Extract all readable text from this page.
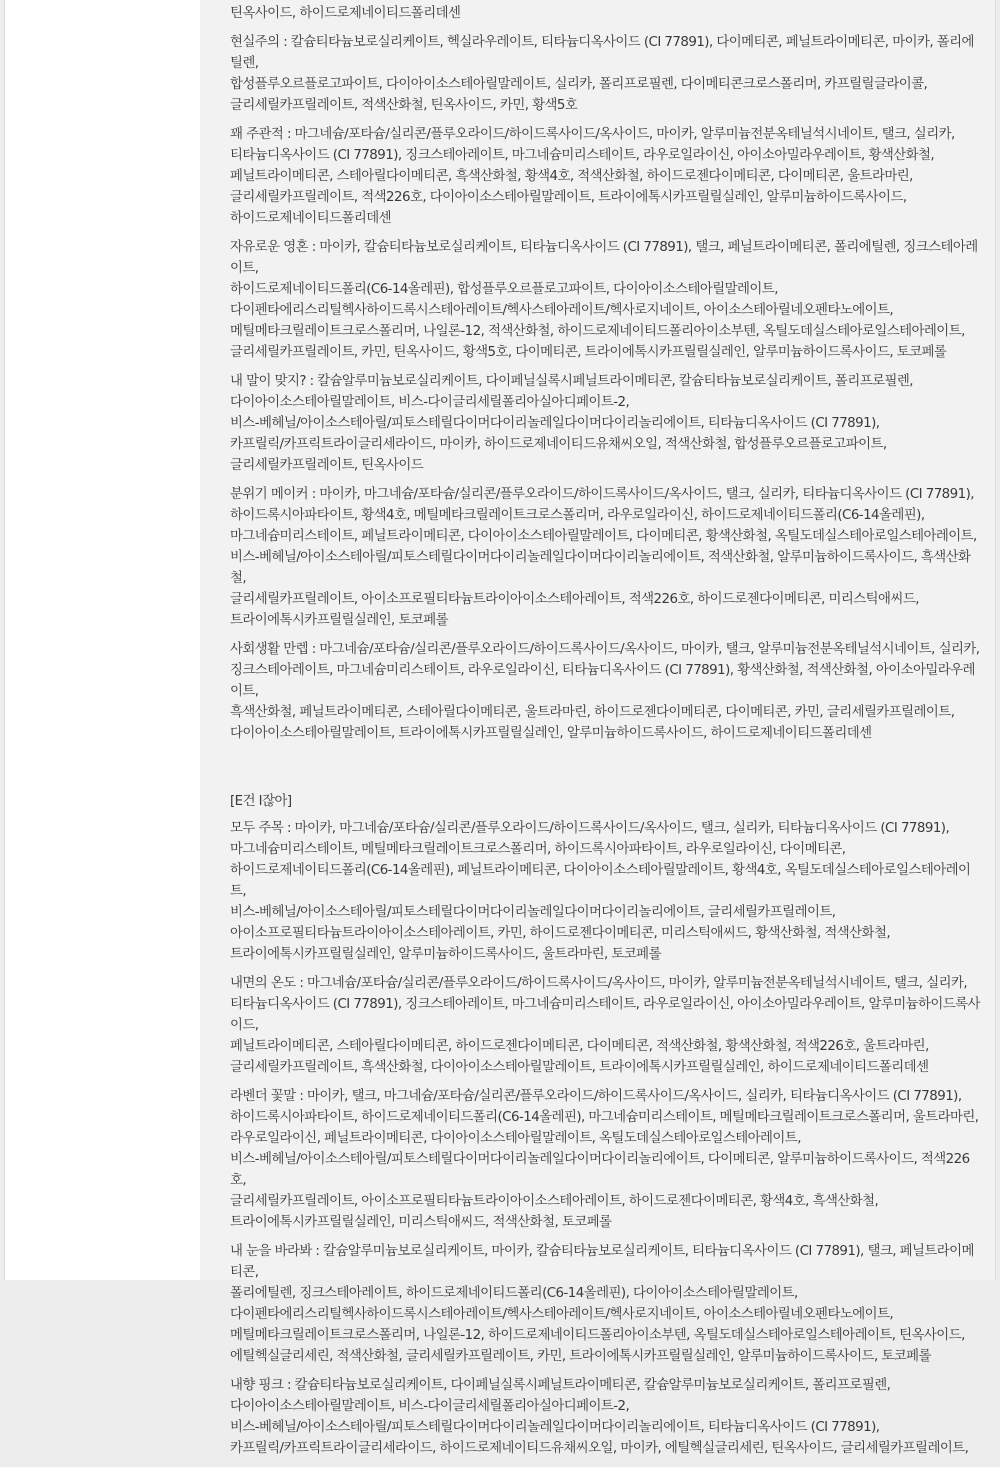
틴옥사이드, 하이드로제네이티드폴리데센
현실주의 : 칼슘티타늄보로실리케이트, 헥실라우레이트, 티타늄디옥사이드 (CI 77891), 다이메티콘, 페닐트라이메티콘, 마이카, 폴리에틸렌,
합성플루오르플로고파이트, 다이아이소스테아릴말레이트, 실리카, 폴리프로필렌, 다이메티콘크로스폴리머, 카프릴릴글라이콜,
글리세릴카프릴레이트, 적색산화철, 틴옥사이드, 카민, 황색5호
꽤 주관적 : 마그네슘/포타슘/실리콘/플루오라이드/하이드록사이드/옥사이드, 마이카, 알루미늄전분옥테닐석시네이트, 탤크, 실리카,
티타늄디옥사이드 (CI 77891), 징크스테아레이트, 마그네슘미리스테이트, 라우로일라이신, 아이소아밀라우레이트, 황색산화철,
페닐트라이메티콘, 스테아릴다이메티콘, 흑색산화철, 황색4호, 적색산화철, 하이드로젠다이메티콘, 다이메티콘, 울트라마린,
글리세릴카프릴레이트, 적색226호, 다이아이소스테아릴말레이트, 트라이에톡시카프릴릴실레인, 알루미늄하이드록사이드,
하이드로제네이티드폴리데센
자유로운 영혼 : 마이카, 칼슘티타늄보로실리케이트, 티타늄디옥사이드 (CI 77891), 탤크, 페닐트라이메티콘, 폴리에틸렌, 징크스테아레이트,
하이드로제네이티드폴리(C6-14올레핀), 합성플루오르플로고파이트, 다이아이소스테아릴말레이트,
다이펜타에리스리틸헥사하이드록시스테아레이트/헥사스테아레이트/헥사로지네이트, 아이소스테아릴네오펜타노에이트,
메틸메타크릴레이트크로스폴리머, 나일론-12, 적색산화철, 하이드로제네이티드폴리아이소부텐, 옥틸도데실스테아로일스테아레이트,
글리세릴카프릴레이트, 카민, 틴옥사이드, 황색5호, 다이메티콘, 트라이에톡시카프릴릴실레인, 알루미늄하이드록사이드, 토코페롤
내 말이 맞지? : 칼슘알루미늄보로실리케이트, 다이페닐실록시페닐트라이메티콘, 칼슘티타늄보로실리케이트, 폴리프로필렌,
다이아이소스테아릴말레이트, 비스-다이글리세릴폴리아실아디페이트-2,
비스-베헤닐/아이소스테아릴/피토스테릴다이머다이리놀레일다이머다이리놀리에이트, 티타늄디옥사이드 (CI 77891),
카프릴릭/카프릭트라이글리세라이드, 마이카, 하이드로제네이티드유채씨오일, 적색산화철, 합성플루오르플로고파이트,
글리세릴카프릴레이트, 틴옥사이드
분위기 메이커 : 마이카, 마그네슘/포타슘/실리콘/플루오라이드/하이드록사이드/옥사이드, 탤크, 실리카, 티타늄디옥사이드 (CI 77891),
하이드록시아파타이트, 황색4호, 메틸메타크릴레이트크로스폴리머, 라우로일라이신, 하이드로제네이티드폴리(C6-14올레핀),
마그네슘미리스테이트, 페닐트라이메티콘, 다이아이소스테아릴말레이트, 다이메티콘, 황색산화철, 옥틸도데실스테아로일스테아레이트,
비스-베헤닐/아이소스테아릴/피토스테릴다이머다이리놀레일다이머다이리놀리에이트, 적색산화철, 알루미늄하이드록사이드, 흑색산화철,
글리세릴카프릴레이트, 아이소프로필티타늄트라이아이소스테아레이트, 적색226호, 하이드로젠다이메티콘, 미리스틱애씨드,
트라이에톡시카프릴릴실레인, 토코페롤
사회생활 만렙 : 마그네슘/포타슘/실리콘/플루오라이드/하이드록사이드/옥사이드, 마이카, 탤크, 알루미늄전분옥테닐석시네이트, 실리카,
징크스테아레이트, 마그네슘미리스테이트, 라우로일라이신, 티타늄디옥사이드 (CI 77891), 황색산화철, 적색산화철, 아이소아밀라우레이트,
흑색산화철, 페닐트라이메티콘, 스테아릴다이메티콘, 울트라마린, 하이드로젠다이메티콘, 다이메티콘, 카민, 글리세릴카프릴레이트,
다이아이소스테아릴말레이트, 트라이에톡시카프릴릴실레인, 알루미늄하이드록사이드, 하이드로제네이티드폴리데센
[E건 I잖아]
모두 주목 : 마이카, 마그네슘/포타슘/실리콘/플루오라이드/하이드록사이드/옥사이드, 탤크, 실리카, 티타늄디옥사이드 (CI 77891),
마그네슘미리스테이트, 메틸메타크릴레이트크로스폴리머, 하이드록시아파타이트, 라우로일라이신, 다이메티콘,
하이드로제네이티드폴리(C6-14올레핀), 페닐트라이메티콘, 다이아이소스테아릴말레이트, 황색4호, 옥틸도데실스테아로일스테아레이트,
비스-베헤닐/아이소스테아릴/피토스테릴다이머다이리놀레일다이머다이리놀리에이트, 글리세릴카프릴레이트,
아이소프로필티타늄트라이아이소스테아레이트, 카민, 하이드로젠다이메티콘, 미리스틱애씨드, 황색산화철, 적색산화철,
트라이에톡시카프릴릴실레인, 알루미늄하이드록사이드, 울트라마린, 토코페롤
내면의 온도 : 마그네슘/포타슘/실리콘/플루오라이드/하이드록사이드/옥사이드, 마이카, 알루미늄전분옥테닐석시네이트, 탤크, 실리카,
티타늄디옥사이드 (CI 77891), 징크스테아레이트, 마그네슘미리스테이트, 라우로일라이신, 아이소아밀라우레이트, 알루미늄하이드록사이드,
페닐트라이메티콘, 스테아릴다이메티콘, 하이드로젠다이메티콘, 다이메티콘, 적색산화철, 황색산화철, 적색226호, 울트라마린,
글리세릴카프릴레이트, 흑색산화철, 다이아이소스테아릴말레이트, 트라이에톡시카프릴릴실레인, 하이드로제네이티드폴리데센
라벤더 꽃말 : 마이카, 탤크, 마그네슘/포타슘/실리콘/플루오라이드/하이드록사이드/옥사이드, 실리카, 티타늄디옥사이드 (CI 77891),
하이드록시아파타이트, 하이드로제네이티드폴리(C6-14올레핀), 마그네슘미리스테이트, 메틸메타크릴레이트크로스폴리머, 울트라마린,
라우로일라이신, 페닐트라이메티콘, 다이아이소스테아릴말레이트, 옥틸도데실스테아로일스테아레이트,
비스-베헤닐/아이소스테아릴/피토스테릴다이머다이리놀레일다이머다이리놀리에이트, 다이메티콘, 알루미늄하이드록사이드, 적색226호,
글리세릴카프릴레이트, 아이소프로필티타늄트라이아이소스테아레이트, 하이드로젠다이메티콘, 황색4호, 흑색산화철,
트라이에톡시카프릴릴실레인, 미리스틱애씨드, 적색산화철, 토코페롤
내 눈을 바라봐 : 칼슘알루미늄보로실리케이트, 마이카, 칼슘티타늄보로실리케이트, 티타늄디옥사이드 (CI 77891), 탤크, 페닐트라이메티콘,
폴리에틸렌, 징크스테아레이트, 하이드로제네이티드폴리(C6-14올레핀), 다이아이소스테아릴말레이트,
다이펜타에리스리틸헥사하이드록시스테아레이트/헥사스테아레이트/헥사로지네이트, 아이소스테아릴네오펜타노에이트,
메틸메타크릴레이트크로스폴리머, 나일론-12, 하이드로제네이티드폴리아이소부텐, 옥틸도데실스테아로일스테아레이트, 틴옥사이드,
에틸헥실글리세린, 적색산화철, 글리세릴카프릴레이트, 카민, 트라이에톡시카프릴릴실레인, 알루미늄하이드록사이드, 토코페롤
내향 핑크 : 칼슘티타늄보로실리케이트, 다이페닐실록시페닐트라이메티콘, 칼슘알루미늄보로실리케이트, 폴리프로필렌,
다이아이소스테아릴말레이트, 비스-다이글리세릴폴리아실아디페이트-2,
비스-베헤닐/아이소스테아릴/피토스테릴다이머다이리놀레일다이머다이리놀리에이트, 티타늄디옥사이드 (CI 77891),
카프릴릭/카프릭트라이글리세라이드, 하이드로제네이티드유채씨오일, 마이카, 에틸헥실글리세린, 틴옥사이드, 글리세릴카프릴레이트,
